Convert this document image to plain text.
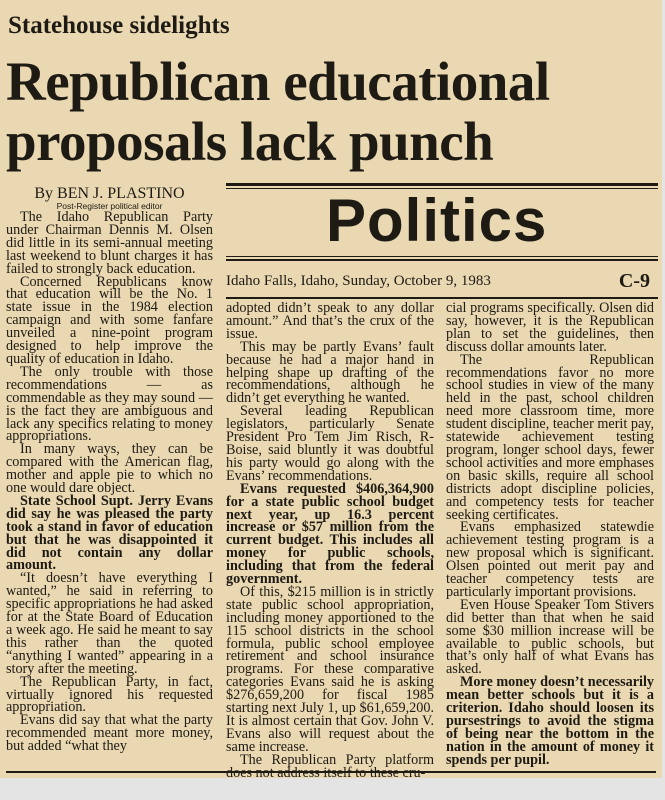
Statehouse sidelights
Republican educational
proposals lack punch
Politics
Idaho Falls, Idaho, Sunday, October 9, 1983	C-9
By BEN J. PLASTINO
Post-Register political editor

The Idaho Republican Party under Chairman Dennis M. Olsen did little in its semi-annual meeting last weekend to blunt charges it has failed to strongly back education.

Concerned Republicans know that education will be the No. 1 state issue in the 1984 election campaign and with some fanfare unveiled a nine-point program designed to help improve the quality of education in Idaho.

The only trouble with those recommendations — as commendable as they may sound — is the fact they are ambiguous and lack any specifics relating to money appropriations.

In many ways, they can be compared with the American flag, mother and apple pie to which no one would dare object.

State School Supt. Jerry Evans did say he was pleased the party took a stand in favor of education but that he was disappointed it did not contain any dollar amount.

“It doesn’t have everything I wanted,” he said in referring to specific appropriations he had asked for at the State Board of Education a week ago. He said he meant to say this rather than the quoted “anything I wanted” appearing in a story after the meeting.

The Republican Party, in fact, virtually ignored his requested appropriation.

Evans did say that what the party recommended meant more money, but added “what they

adopted didn’t speak to any dollar amount.” And that’s the crux of the issue.

This may be partly Evans’ fault because he had a major hand in helping shape up drafting of the recommendations, although he didn’t get everything he wanted.

Several leading Republican legislators, particularly Senate President Pro Tem Jim Risch, R-Boise, said bluntly it was doubtful his party would go along with the Evans’ recommendations.

Evans requested $406,364,900 for a state public school budget next year, up 16.3 percent increase or $57 million from the current budget. This includes all money for public schools, including that from the federal government.

Of this, $215 million is in strictly state public school appropriation, including money apportioned to the 115 school districts in the school formula, public school employee retirement and school insurance programs. For these comparative categories Evans said he is asking $276,659,200 for fiscal 1985 starting next July 1, up $61,659,200. It is almost certain that Gov. John V. Evans also will request about the same increase.

The Republican Party platform

cial programs specifically. Olsen did say, however, it is the Republican plan to set the guidelines, then discuss dollar amounts later.

The Republican recommendations favor no more school studies in view of the many held in the past, school children need more classroom time, more student discipline, teacher merit pay, statewide achievement testing program, longer school days, fewer school activities and more emphases on basic skills, require all school districts adopt discipline policies, and competency tests for teacher seeking certificates.

Evans emphasized statewdie achievement testing program is a new proposal which is significant. Olsen pointed out merit pay and teacher competency tests are particularly important provisions.

Even House Speaker Tom Stivers did better than that when he said some $30 million increase will be available to public schools, but that’s only half of what Evans has asked.

More money doesn’t necessarily mean better schools but it is a criterion. Idaho should loosen its pursestrings to avoid the stigma of being near the bottom in the nation in the amount of money it spends per pupil.
